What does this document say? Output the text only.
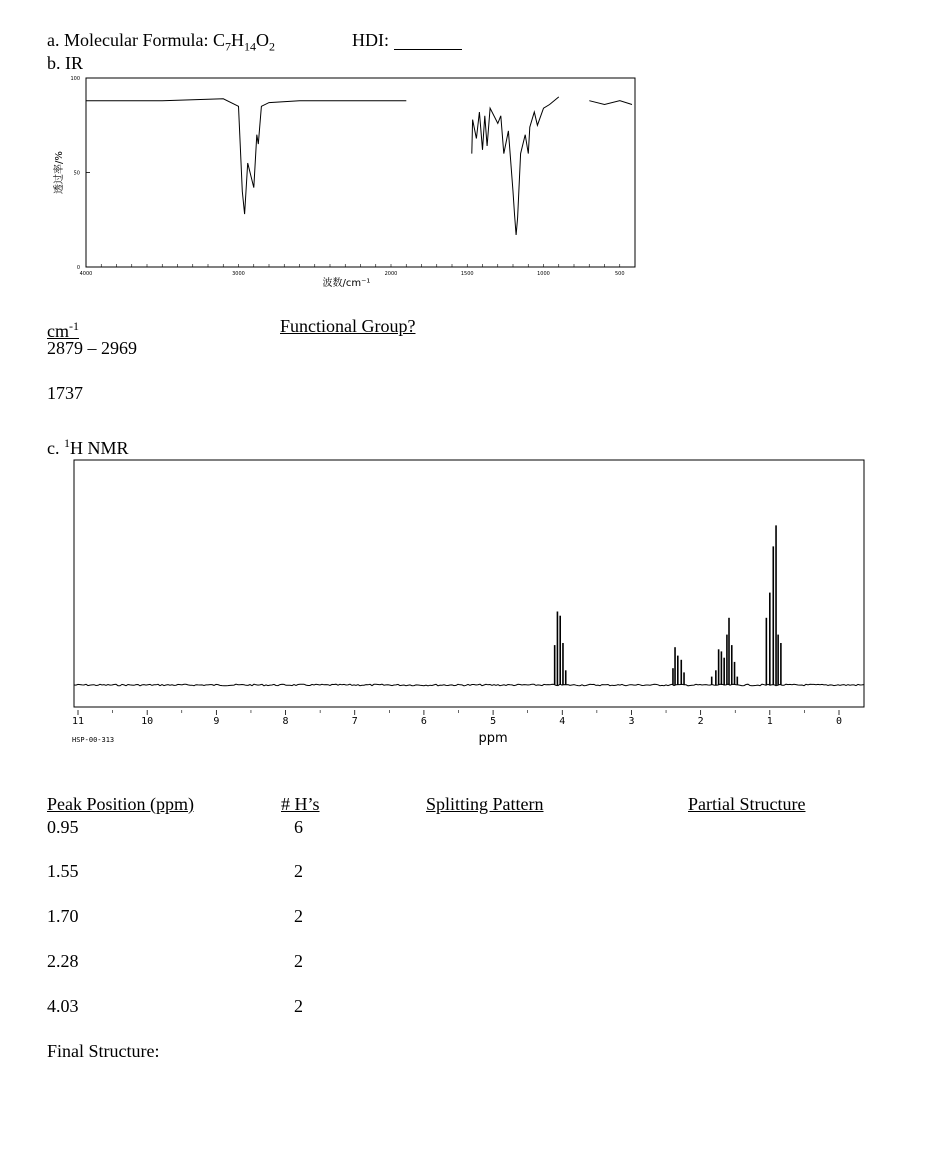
a. Molecular Formula: $C_7H_{14}O_2$	HDI:
b. IR
100
50
0
4000	3000	2000	1500	1000	500
波数/cm⁻¹
透过率/%
$cm^{-1}$	Functional Group?
2879 – 2969
1737
c. $^1$H NMR
11	10	9	8	7	6	5	4	3	2	1	0
ppm
HSP-00-313
Peak Position (ppm)	# H’s	Splitting Pattern	Partial Structure
0.95	6
1.55	2
1.70	2
2.28	2
4.03	2
Final Structure:
